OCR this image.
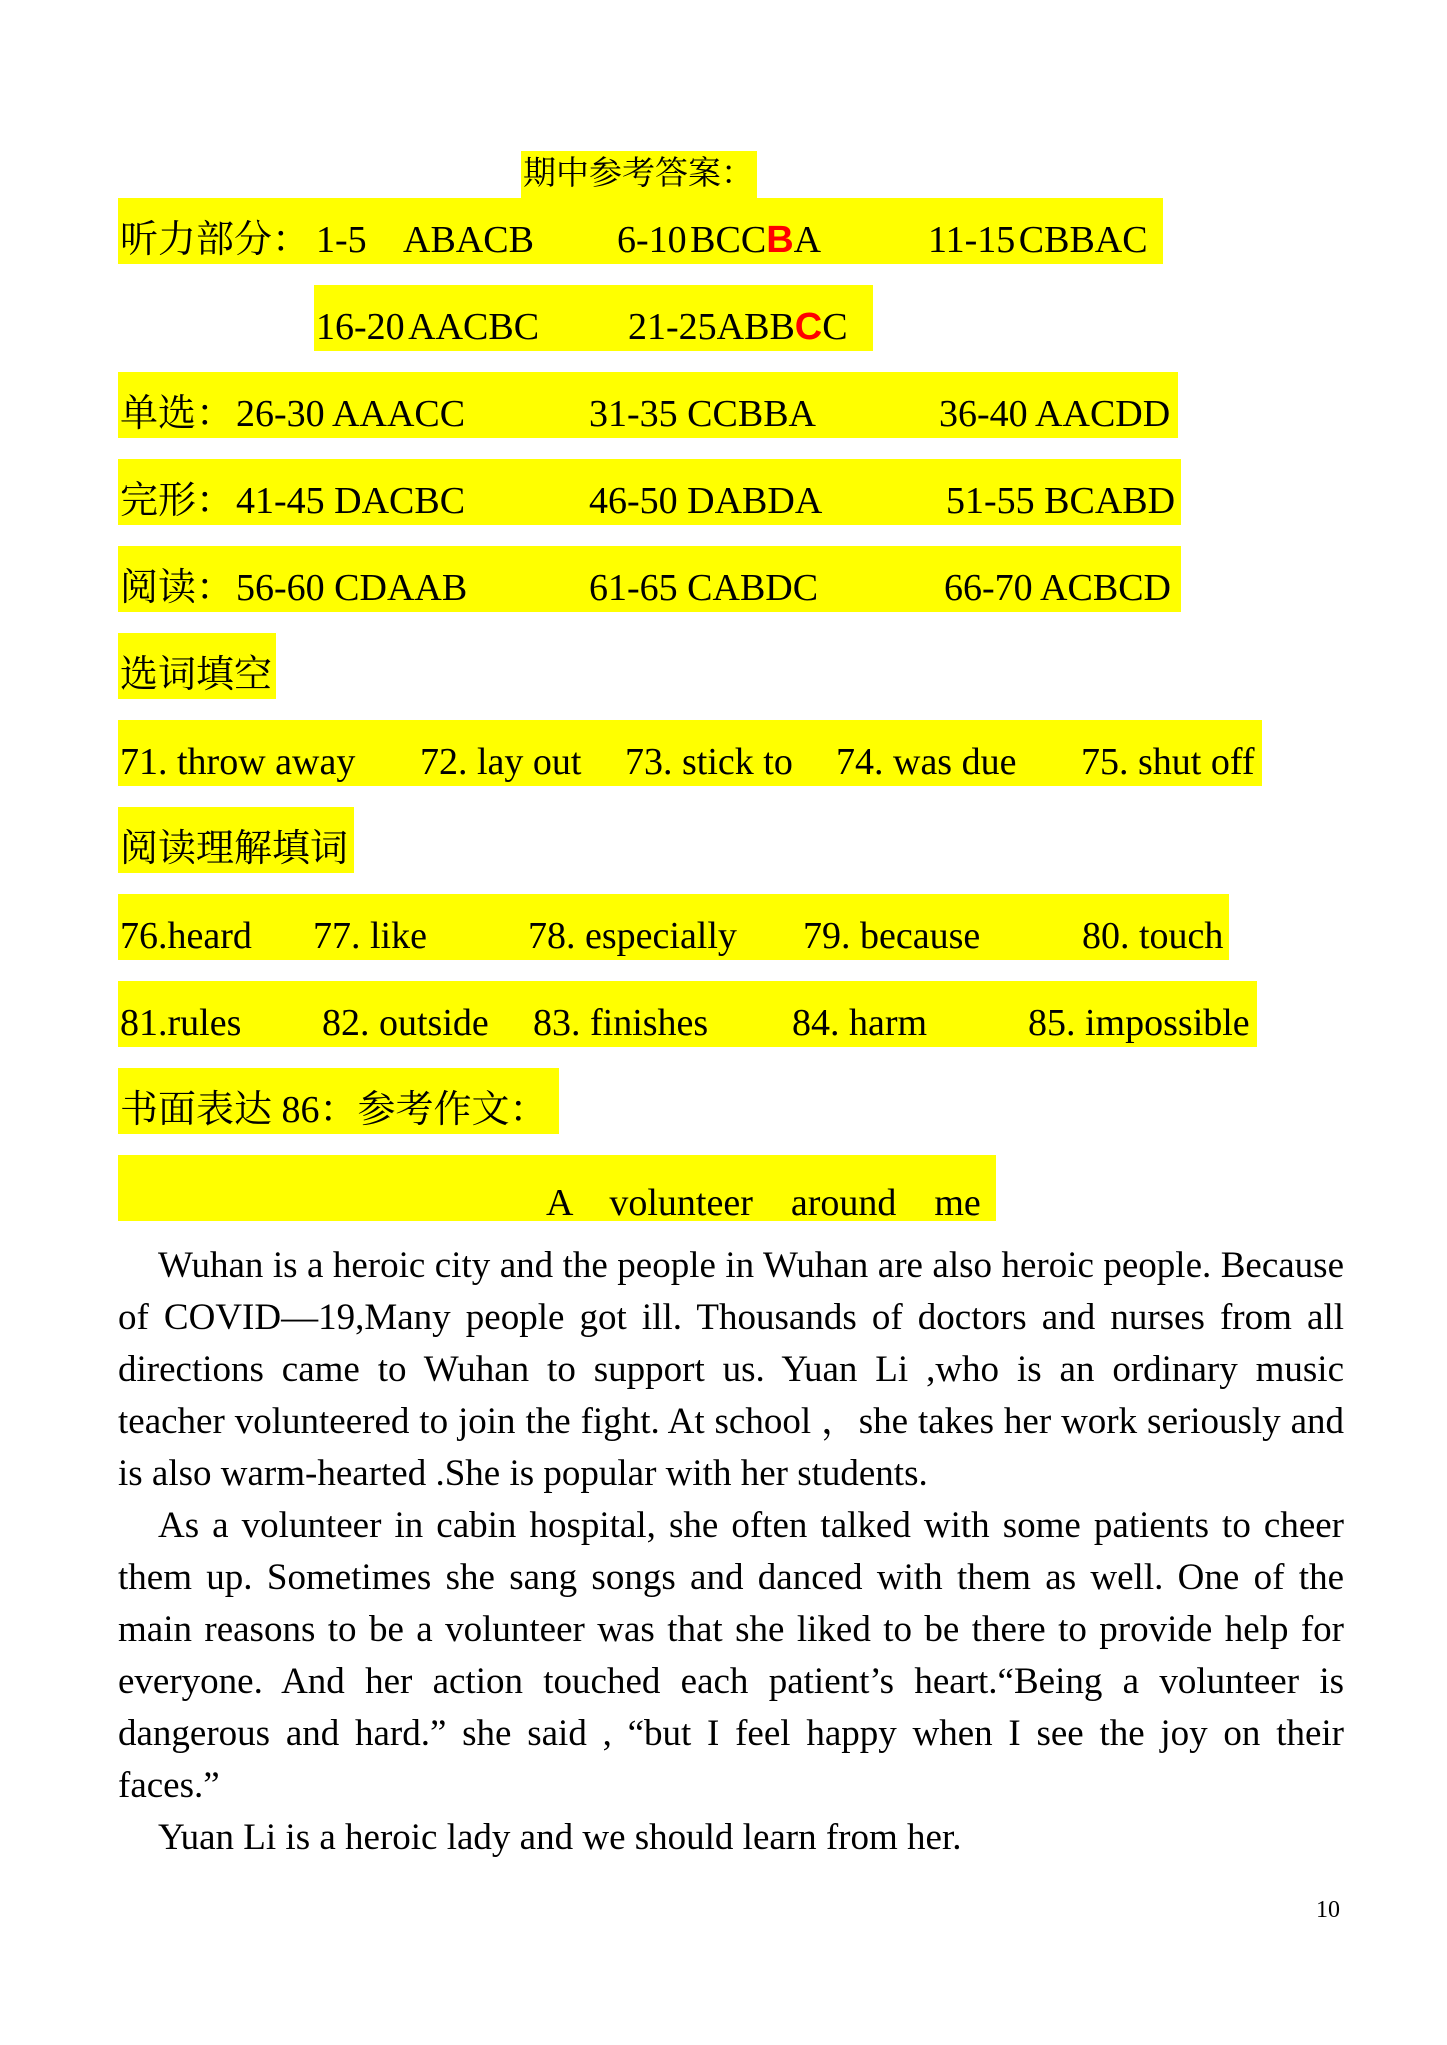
期中参考答案：
听力部分： 1-5 ABACB 6-10 BCCBA	11-15 CBBAC
16-20 AACBC 21-25ABBCC
单选： 26-30 AAACC	31-35 CCBBA	36-40 AACDD
完形： 41-45 DACBC	46-50 DABDA	51-55 BCABD
阅读： 56-60 CDAAB	61-65 CABDC	66-70 ACBCD
选词填空
71. throw away 72. lay out 73. stick to 74. was due 75. shut off
阅读理解填词
76.heard 77. like	78. especially 79. because	80. touch
81.rules 82. outside 83. finishes 84. harm	85. impossible
书面表达 86：参考作文：
A    volunteer    around    me

Wuhan is a heroic city and the people in Wuhan are also heroic people. Because of COVID—19,Many people got ill. Thousands of doctors and nurses from all directions came to Wuhan to support us. Yuan Li ,who is an ordinary music teacher volunteered to join the fight. At school ，she takes her work seriously and is also warm-hearted .She is popular with her students.

As a volunteer in cabin hospital, she often talked with some patients to cheer them up. Sometimes she sang songs and danced with them as well. One of the main reasons to be a volunteer was that she liked to be there to provide help for everyone. And her action touched each patient’s heart.“Being a volunteer is dangerous and hard.” she said , “but I feel happy when I see the joy on their faces.”

Yuan Li is a heroic lady and we should learn from her.

10
